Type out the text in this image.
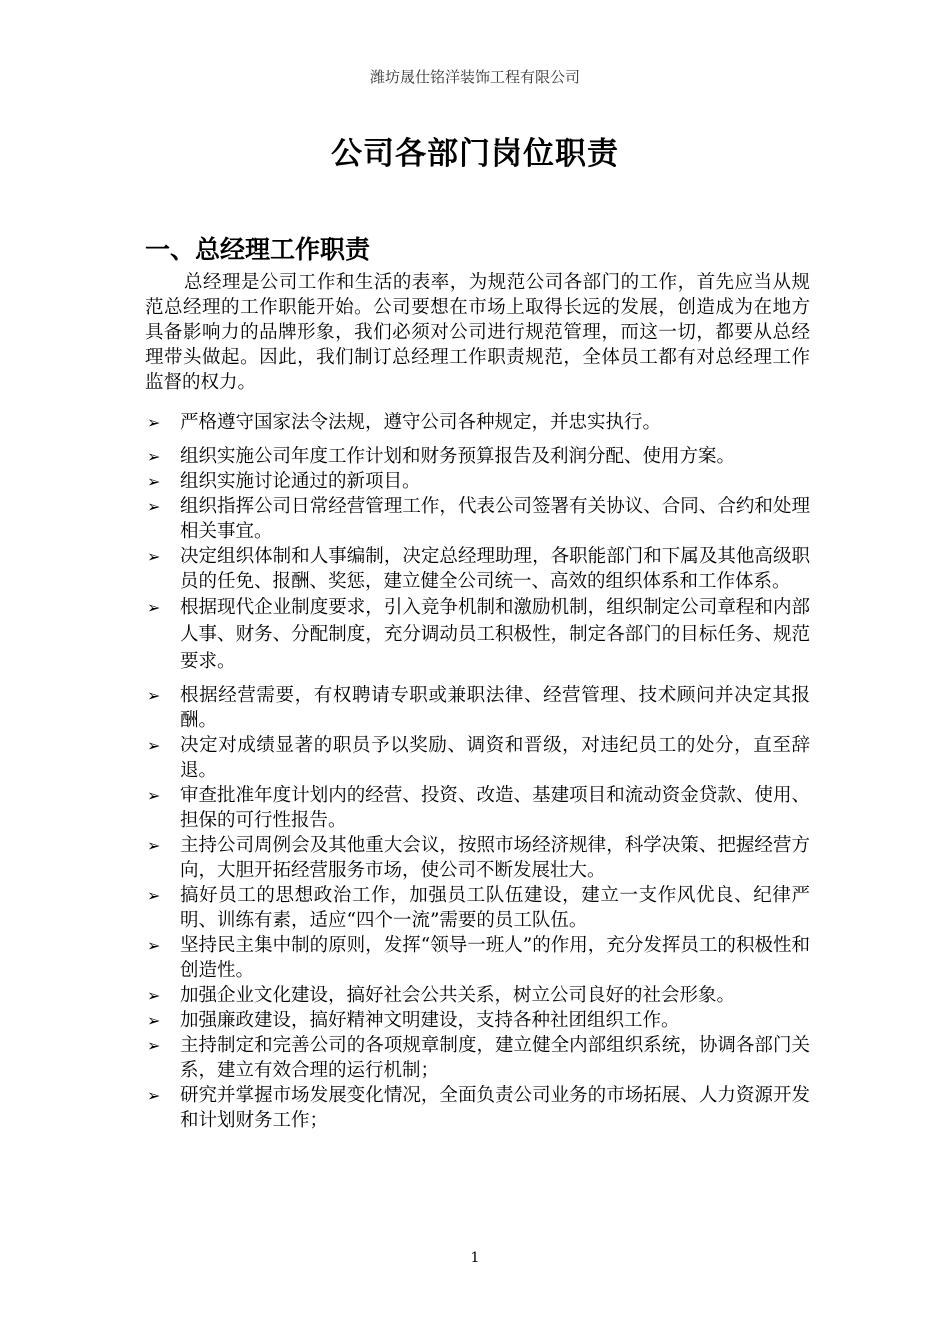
潍坊晟仕铭洋装饰工程有限公司
公司各部门岗位职责
一、总经理工作职责

总经理是公司工作和生活的表率，为规范公司各部门的工作，首先应当从规范总经理的工作职能开始。公司要想在市场上取得长远的发展，创造成为在地方具备影响力的品牌形象，我们必须对公司进行规范管理，而这一切，都要从总经理带头做起。因此，我们制订总经理工作职责规范，全体员工都有对总经理工作监督的权力。

➢ 严格遵守国家法令法规，遵守公司各种规定，并忠实执行。
➢ 组织实施公司年度工作计划和财务预算报告及利润分配、使用方案。
➢ 组织实施讨论通过的新项目。
➢ 组织指挥公司日常经营管理工作，代表公司签署有关协议、合同、合约和处理相关事宜。
➢ 决定组织体制和人事编制，决定总经理助理，各职能部门和下属及其他高级职员的任免、报酬、奖惩，建立健全公司统一、高效的组织体系和工作体系。
➢ 根据现代企业制度要求，引入竞争机制和激励机制，组织制定公司章程和内部人事、财务、分配制度，充分调动员工积极性，制定各部门的目标任务、规范要求。
➢ 根据经营需要，有权聘请专职或兼职法律、经营管理、技术顾问并决定其报酬。
➢ 决定对成绩显著的职员予以奖励、调资和晋级，对违纪员工的处分，直至辞退。
➢ 审查批准年度计划内的经营、投资、改造、基建项目和流动资金贷款、使用、担保的可行性报告。
➢ 主持公司周例会及其他重大会议，按照市场经济规律，科学决策、把握经营方向，大胆开拓经营服务市场，使公司不断发展壮大。
➢ 搞好员工的思想政治工作，加强员工队伍建设，建立一支作风优良、纪律严明、训练有素，适应“四个一流”需要的员工队伍。
➢ 坚持民主集中制的原则，发挥“领导一班人”的作用，充分发挥员工的积极性和创造性。
➢ 加强企业文化建设，搞好社会公共关系，树立公司良好的社会形象。
➢ 加强廉政建设，搞好精神文明建设，支持各种社团组织工作。
➢ 主持制定和完善公司的各项规章制度，建立健全内部组织系统，协调各部门关系，建立有效合理的运行机制；
➢ 研究并掌握市场发展变化情况，全面负责公司业务的市场拓展、人力资源开发和计划财务工作；
1
